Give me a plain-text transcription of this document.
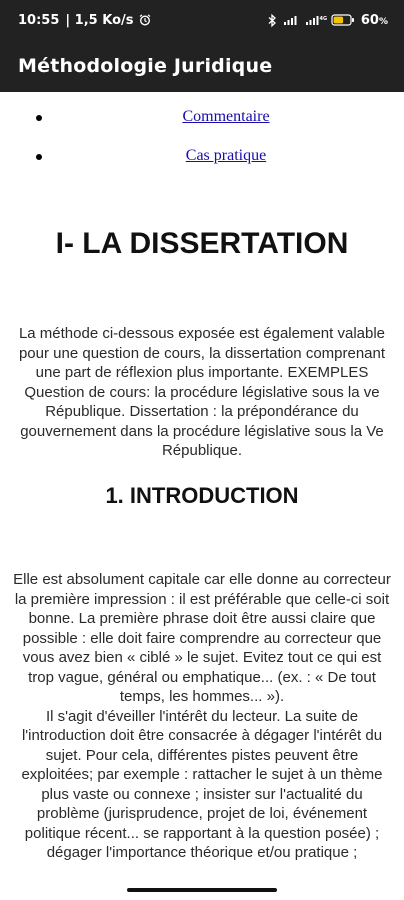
10:55 | 1,5 Ko/s	4G	60%
Méthodologie Juridique
Commentaire
Cas pratique
I- LA DISSERTATION

La méthode ci-dessous exposée est également valable pour une question de cours, la dissertation comprenant une part de réflexion plus importante. EXEMPLES Question de cours: la procédure législative sous la ve République. Dissertation : la prépondérance du gouvernement dans la procédure législative sous la Ve République.

1. INTRODUCTION

Elle est absolument capitale car elle donne au correcteur la première impression : il est préférable que celle-ci soit bonne. La première phrase doit être aussi claire que possible : elle doit faire comprendre au correcteur que vous avez bien « ciblé » le sujet. Evitez tout ce qui est trop vague, général ou emphatique... (ex. : « De tout temps, les hommes... »).
Il s'agit d'éveiller l'intérêt du lecteur. La suite de l'introduction doit être consacrée à dégager l'intérêt du sujet. Pour cela, différentes pistes peuvent être exploitées; par exemple : rattacher le sujet à un thème plus vaste ou connexe ; insister sur l'actualité du problème (jurisprudence, projet de loi, événement politique récent... se rapportant à la question posée) ; dégager l'importance théorique et/ou pratique ;
